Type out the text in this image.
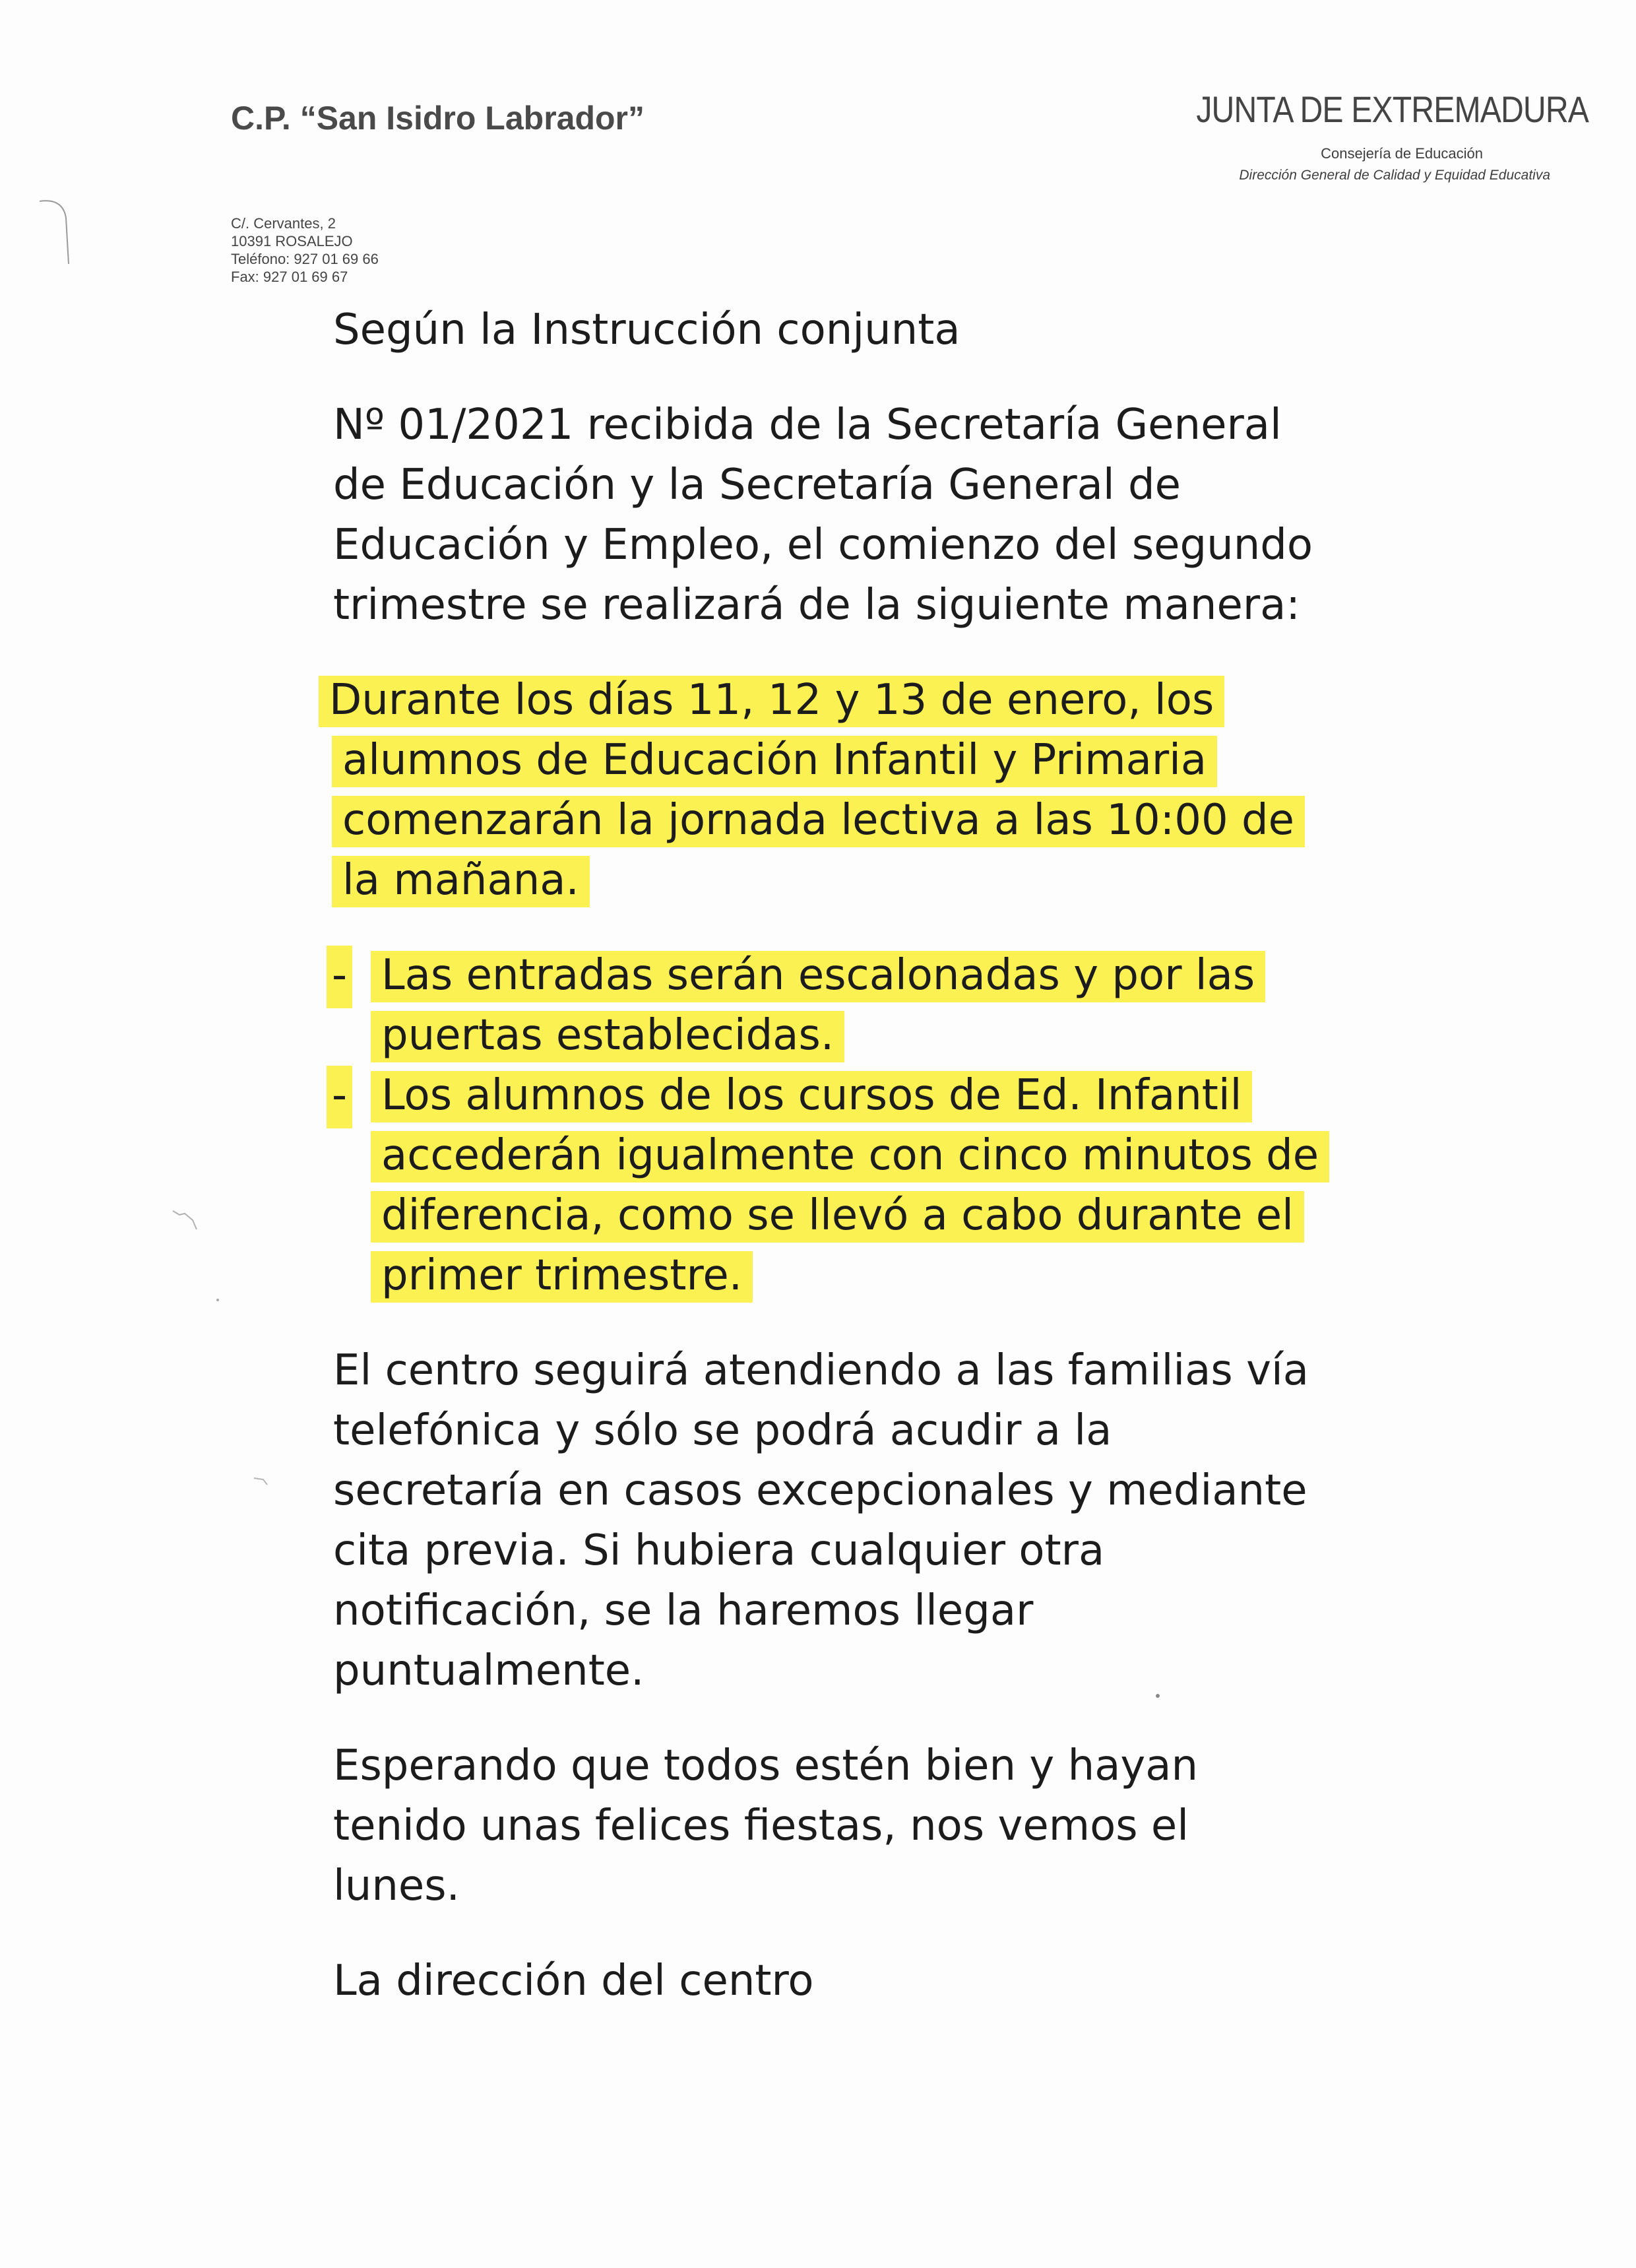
C.P. “San Isidro Labrador”
C/. Cervantes, 2
10391 ROSALEJO
Teléfono: 927 01 69 66
Fax: 927 01 69 67
JUNTA DE EXTREMADURA
Consejería de Educación
Dirección General de Calidad y Equidad Educativa

Según la Instrucción conjunta

Nº 01/2021 recibida de la Secretaría General
de Educación y la Secretaría General de
Educación y Empleo, el comienzo del segundo
trimestre se realizará de la siguiente manera:

Durante los días 11, 12 y 13 de enero, los
alumnos de Educación Infantil y Primaria
comenzarán la jornada lectiva a las 10:00 de
la mañana.

- Las entradas serán escalonadas y por las
puertas establecidas.
- Los alumnos de los cursos de Ed. Infantil
accederán igualmente con cinco minutos de
diferencia, como se llevó a cabo durante el
primer trimestre.

El centro seguirá atendiendo a las familias vía
telefónica y sólo se podrá acudir a la
secretaría en casos excepcionales y mediante
cita previa. Si hubiera cualquier otra
notificación, se la haremos llegar
puntualmente.

Esperando que todos estén bien y hayan
tenido unas felices fiestas, nos vemos el
lunes.

La dirección del centro
